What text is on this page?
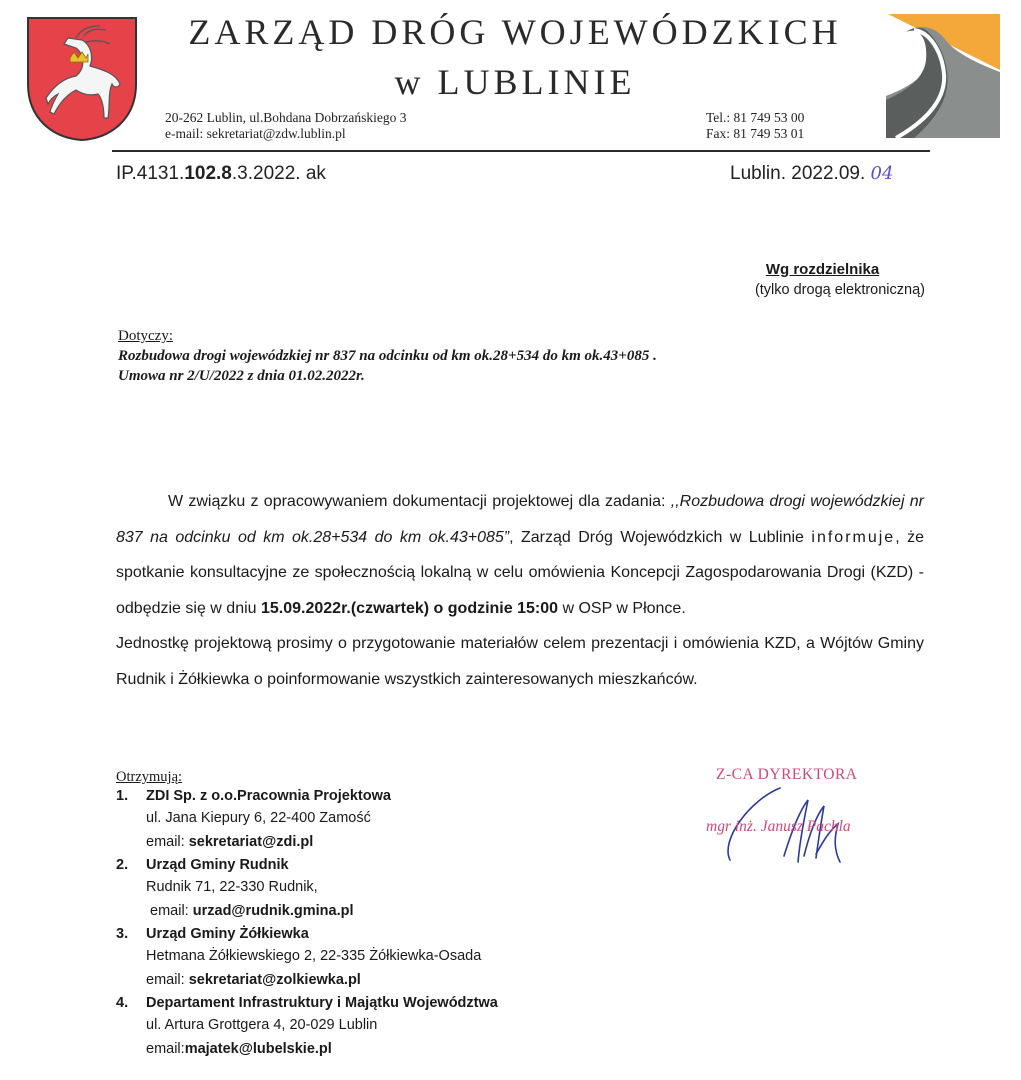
ZARZĄD DRÓG WOJEWÓDZKICH
w LUBLINIE
20-262 Lublin, ul.Bohdana Dobrzańskiego 3
e-mail: sekretariat@zdw.lublin.pl
Tel.: 81 749 53 00
Fax: 81 749 53 01
IP.4131.102.8.3.2022. ak	Lublin. 2022.09. 04
Wg rozdzielnika
(tylko drogą elektroniczną)
Dotyczy:
Rozbudowa drogi wojewódzkiej nr 837 na odcinku od km ok.28+534 do km ok.43+085 .
Umowa nr 2/U/2022 z dnia 01.02.2022r.

W związku z opracowywaniem dokumentacji projektowej dla zadania: ,,Rozbudowa drogi wojewódzkiej nr 837 na odcinku od km ok.28+534 do km ok.43+085”, Zarząd Dróg Wojewódzkich w Lublinie informuje, że spotkanie konsultacyjne ze społecznością lokalną w celu omówienia Koncepcji Zagospodarowania Drogi (KZD) - odbędzie się w dniu 15.09.2022r.(czwartek) o godzinie 15:00 w OSP w Płonce.

Jednostkę projektową prosimy o przygotowanie materiałów celem prezentacji i omówienia KZD, a Wójtów Gminy Rudnik i Żółkiewka o poinformowanie wszystkich zainteresowanych mieszkańców.

Otrzymują:
1. ZDI Sp. z o.o.Pracownia Projektowa
ul. Jana Kiepury 6, 22-400 Zamość
email: sekretariat@zdi.pl
2. Urząd Gminy Rudnik
Rudnik 71, 22-330 Rudnik,
email: urzad@rudnik.gmina.pl
3. Urząd Gminy Żółkiewka
Hetmana Żółkiewskiego 2, 22-335 Żółkiewka-Osada
email: sekretariat@zolkiewka.pl
4. Departament Infrastruktury i Majątku Województwa
ul. Artura Grottgera 4, 20-029 Lublin
email:majatek@lubelskie.pl
Z-CA DYREKTORA
mgr inż. Janusz Pachla
